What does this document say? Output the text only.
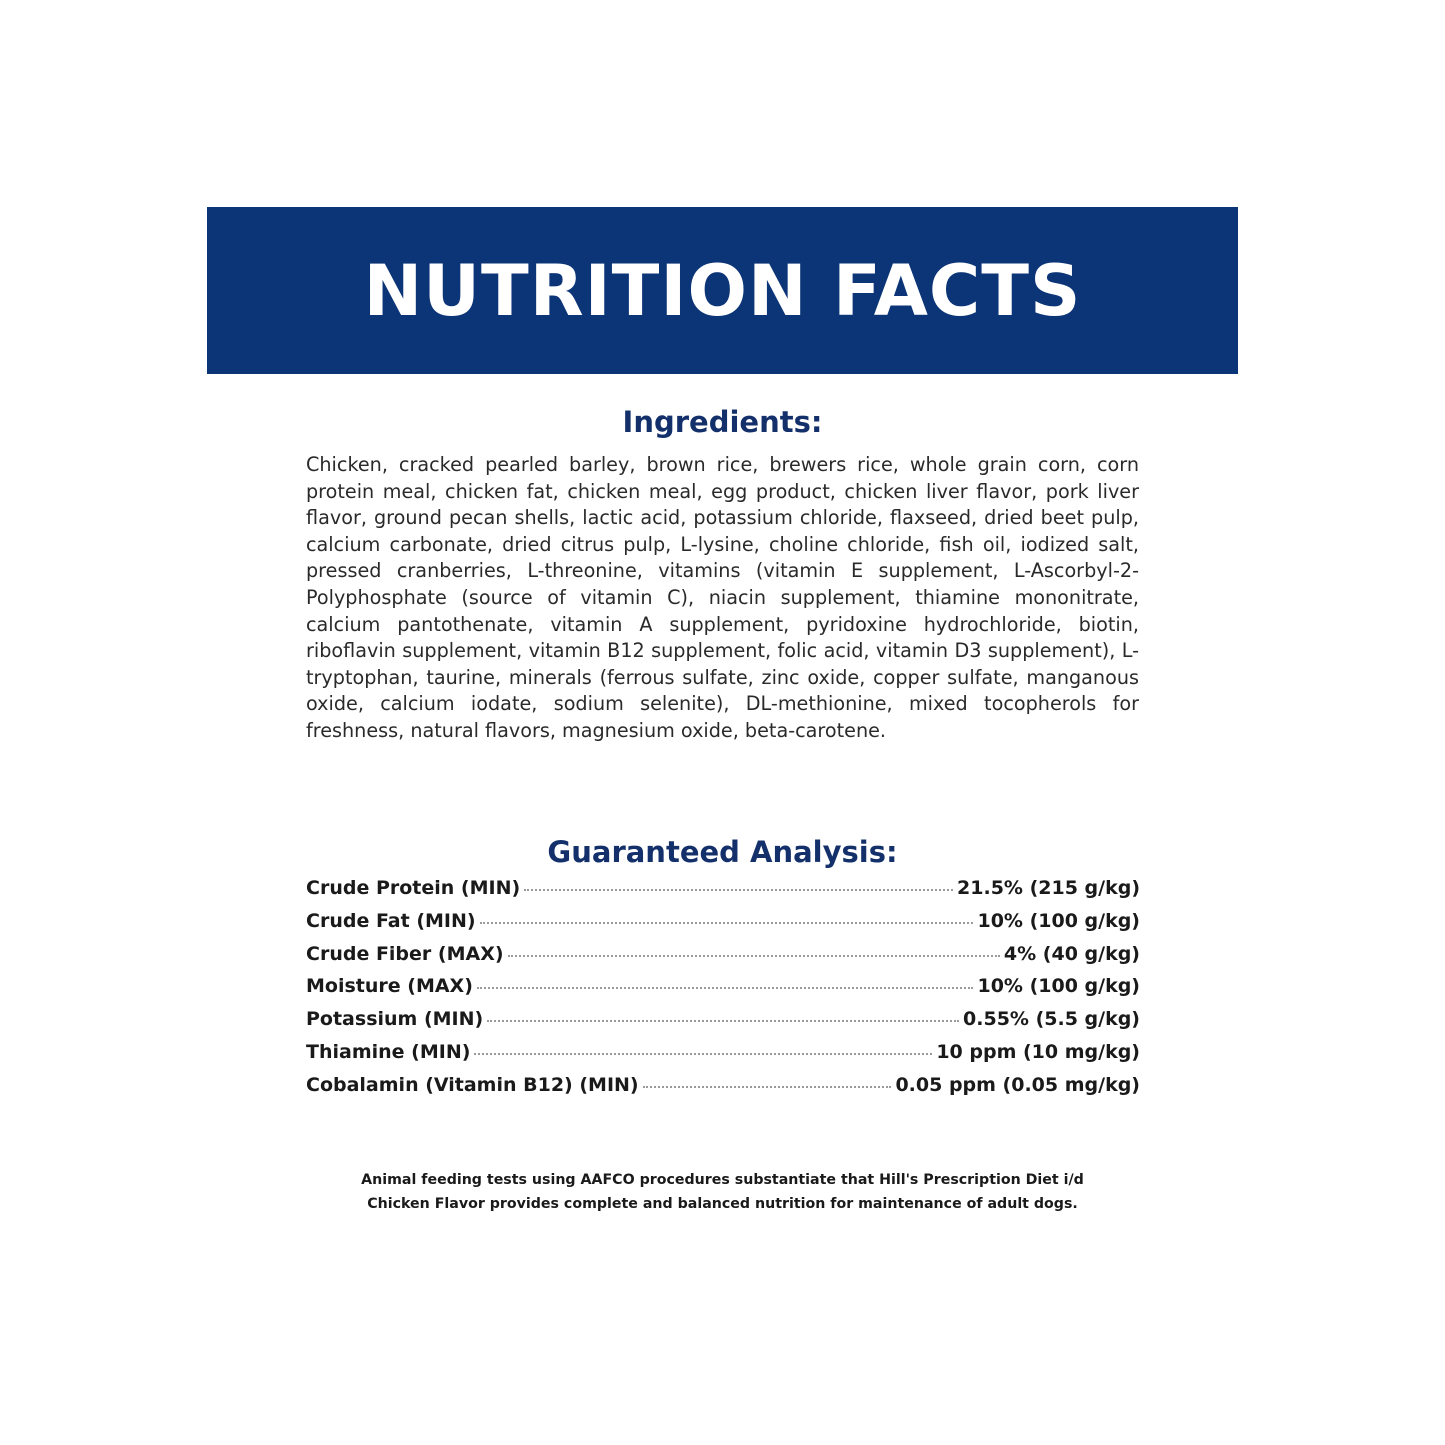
NUTRITION FACTS
Ingredients:
Chicken, cracked pearled barley, brown rice, brewers rice, whole grain corn, corn protein meal, chicken fat, chicken meal, egg product, chicken liver flavor, pork liver flavor, ground pecan shells, lactic acid, potassium chloride, flaxseed, dried beet pulp, calcium carbonate, dried citrus pulp, L-lysine, choline chloride, fish oil, iodized salt, pressed cranberries, L-threonine, vitamins (vitamin E supplement, L-Ascorbyl-2-Polyphosphate (source of vitamin C), niacin supplement, thiamine mononitrate, calcium pantothenate, vitamin A supplement, pyridoxine hydrochloride, biotin, riboflavin supplement, vitamin B12 supplement, folic acid, vitamin D3 supplement), L-tryptophan, taurine, minerals (ferrous sulfate, zinc oxide, copper sulfate, manganous oxide, calcium iodate, sodium selenite), DL-methionine, mixed tocopherols for freshness, natural flavors, magnesium oxide, beta-carotene.
Guaranteed Analysis:
Crude Protein (MIN)	21.5% (215 g/kg)
Crude Fat (MIN)	10% (100 g/kg)
Crude Fiber (MAX)	4% (40 g/kg)
Moisture (MAX)	10% (100 g/kg)
Potassium (MIN)	0.55% (5.5 g/kg)
Thiamine (MIN)	10 ppm (10 mg/kg)
Cobalamin (Vitamin B12) (MIN)	0.05 ppm (0.05 mg/kg)
Animal feeding tests using AAFCO procedures substantiate that Hill's Prescription Diet i/d
Chicken Flavor provides complete and balanced nutrition for maintenance of adult dogs.
